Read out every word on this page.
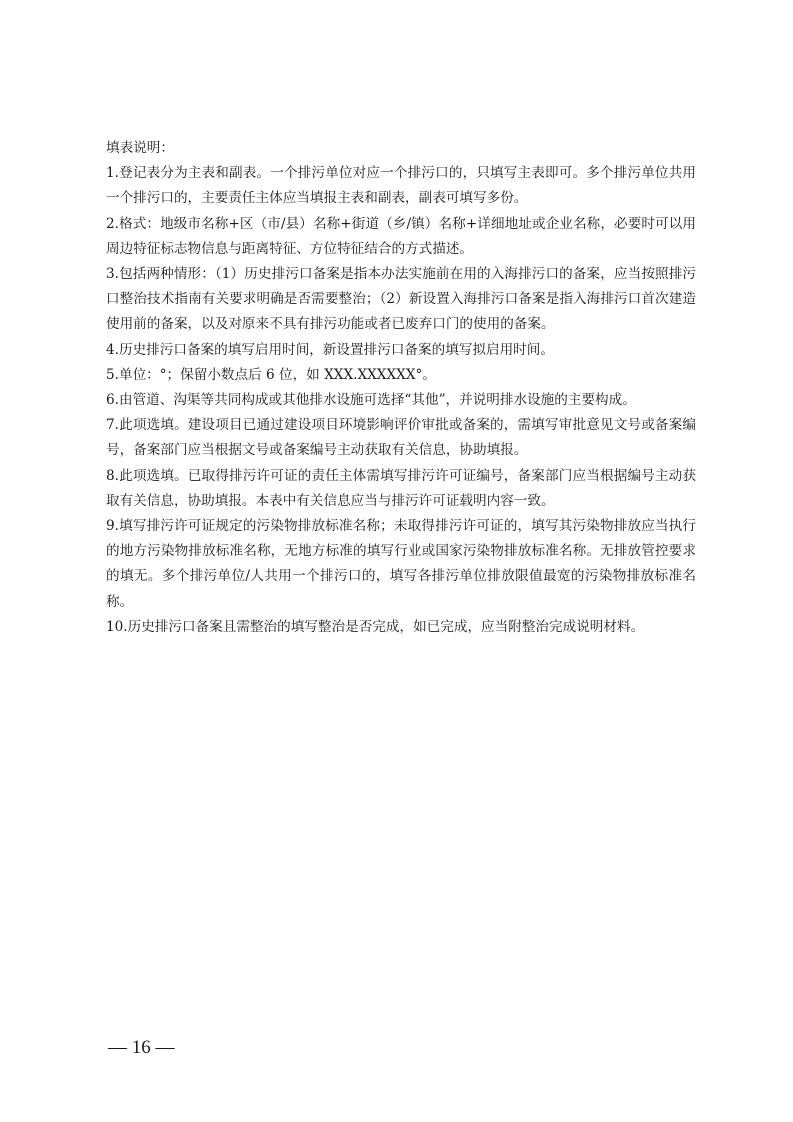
填表说明：

1.登记表分为主表和副表。一个排污单位对应一个排污口的，只填写主表即可。多个排污单位共用一个排污口的，主要责任主体应当填报主表和副表，副表可填写多份。

2.格式：地级市名称+区（市/县）名称+街道（乡/镇）名称+详细地址或企业名称，必要时可以用周边特征标志物信息与距离特征、方位特征结合的方式描述。

3.包括两种情形：（1）历史排污口备案是指本办法实施前在用的入海排污口的备案，应当按照排污口整治技术指南有关要求明确是否需要整治；（2）新设置入海排污口备案是指入海排污口首次建造使用前的备案，以及对原来不具有排污功能或者已废弃口门的使用的备案。

4.历史排污口备案的填写启用时间，新设置排污口备案的填写拟启用时间。

5.单位：°；保留小数点后 6 位，如 XXX.XXXXXX°。

6.由管道、沟渠等共同构成或其他排水设施可选择“其他”，并说明排水设施的主要构成。

7.此项选填。建设项目已通过建设项目环境影响评价审批或备案的，需填写审批意见文号或备案编号，备案部门应当根据文号或备案编号主动获取有关信息，协助填报。

8.此项选填。已取得排污许可证的责任主体需填写排污许可证编号，备案部门应当根据编号主动获取有关信息，协助填报。本表中有关信息应当与排污许可证载明内容一致。

9.填写排污许可证规定的污染物排放标准名称；未取得排污许可证的，填写其污染物排放应当执行的地方污染物排放标准名称，无地方标准的填写行业或国家污染物排放标准名称。无排放管控要求的填无。多个排污单位/人共用一个排污口的，填写各排污单位排放限值最宽的污染物排放标准名称。

10.历史排污口备案且需整治的填写整治是否完成，如已完成，应当附整治完成说明材料。

— 16 —
